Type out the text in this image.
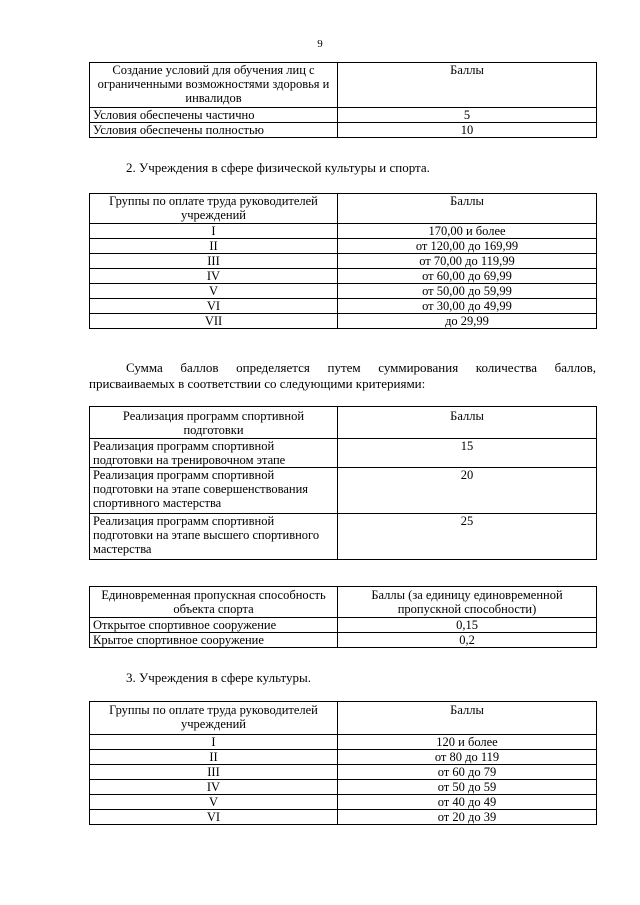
9
Создание условий для обучения лиц с ограниченными возможностями здоровья и инвалидов	Баллы
Условия обеспечены частично	5
Условия обеспечены полностью	10
2. Учреждения в сфере физической культуры и спорта.
Группы по оплате труда руководителей учреждений	Баллы
I	170,00 и более
II	от 120,00 до 169,99
III	от 70,00 до 119,99
IV	от 60,00 до 69,99
V	от 50,00 до 59,99
VI	от 30,00 до 49,99
VII	до 29,99
Сумма баллов определяется путем суммирования количества баллов, присваиваемых в соответствии со следующими критериями:
Реализация программ спортивной подготовки	Баллы
Реализация программ спортивной подготовки на тренировочном этапе	15
Реализация программ спортивной подготовки на этапе совершенствования спортивного мастерства	20
Реализация программ спортивной подготовки на этапе высшего спортивного мастерства	25
Единовременная пропускная способность объекта спорта	Баллы (за единицу единовременной пропускной способности)
Открытое спортивное сооружение	0,15
Крытое спортивное сооружение	0,2
3. Учреждения в сфере культуры.
Группы по оплате труда руководителей учреждений	Баллы
I	120 и более
II	от 80 до 119
III	от 60 до 79
IV	от 50 до 59
V	от 40 до 49
VI	от 20 до 39
